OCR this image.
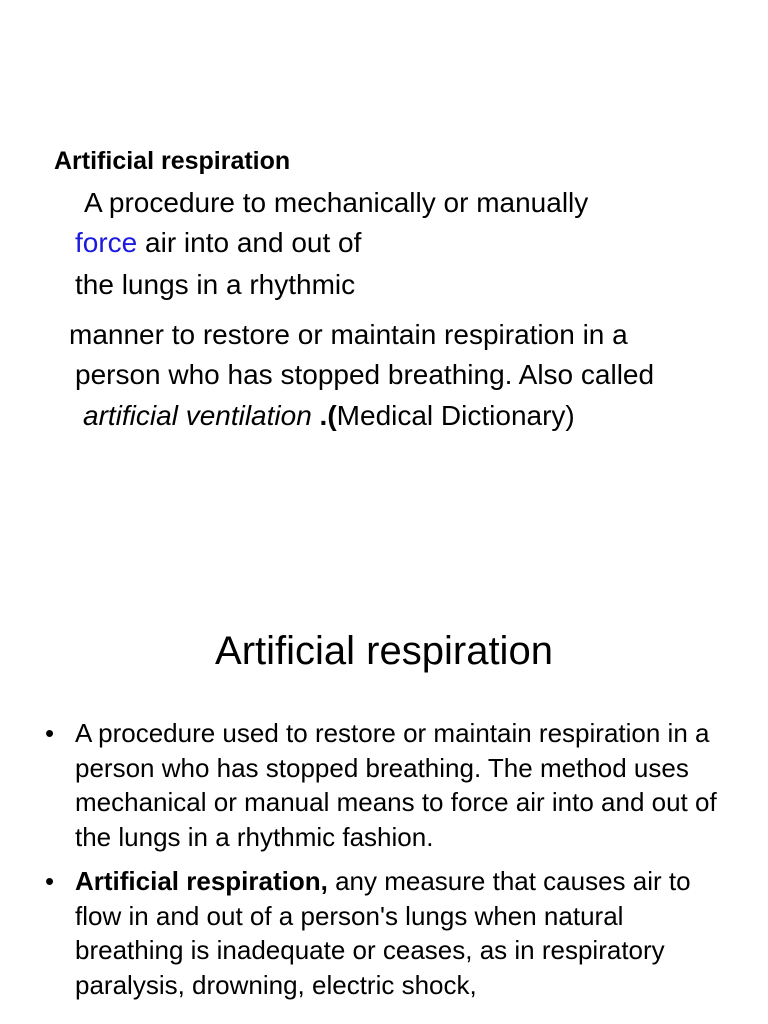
Artificial respiration
A procedure to mechanically or manually
force air into and out of
the lungs in a rhythmic
manner to restore or maintain respiration in a
person who has stopped breathing. Also called
artificial ventilation .(Medical Dictionary)
Artificial respiration
• A procedure used to restore or maintain respiration in a person who has stopped breathing. The method uses mechanical or manual means to force air into and out of the lungs in a rhythmic fashion.
• Artificial respiration, any measure that causes air to flow in and out of a person's lungs when natural breathing is inadequate or ceases, as in respiratory paralysis, drowning, electric shock,
